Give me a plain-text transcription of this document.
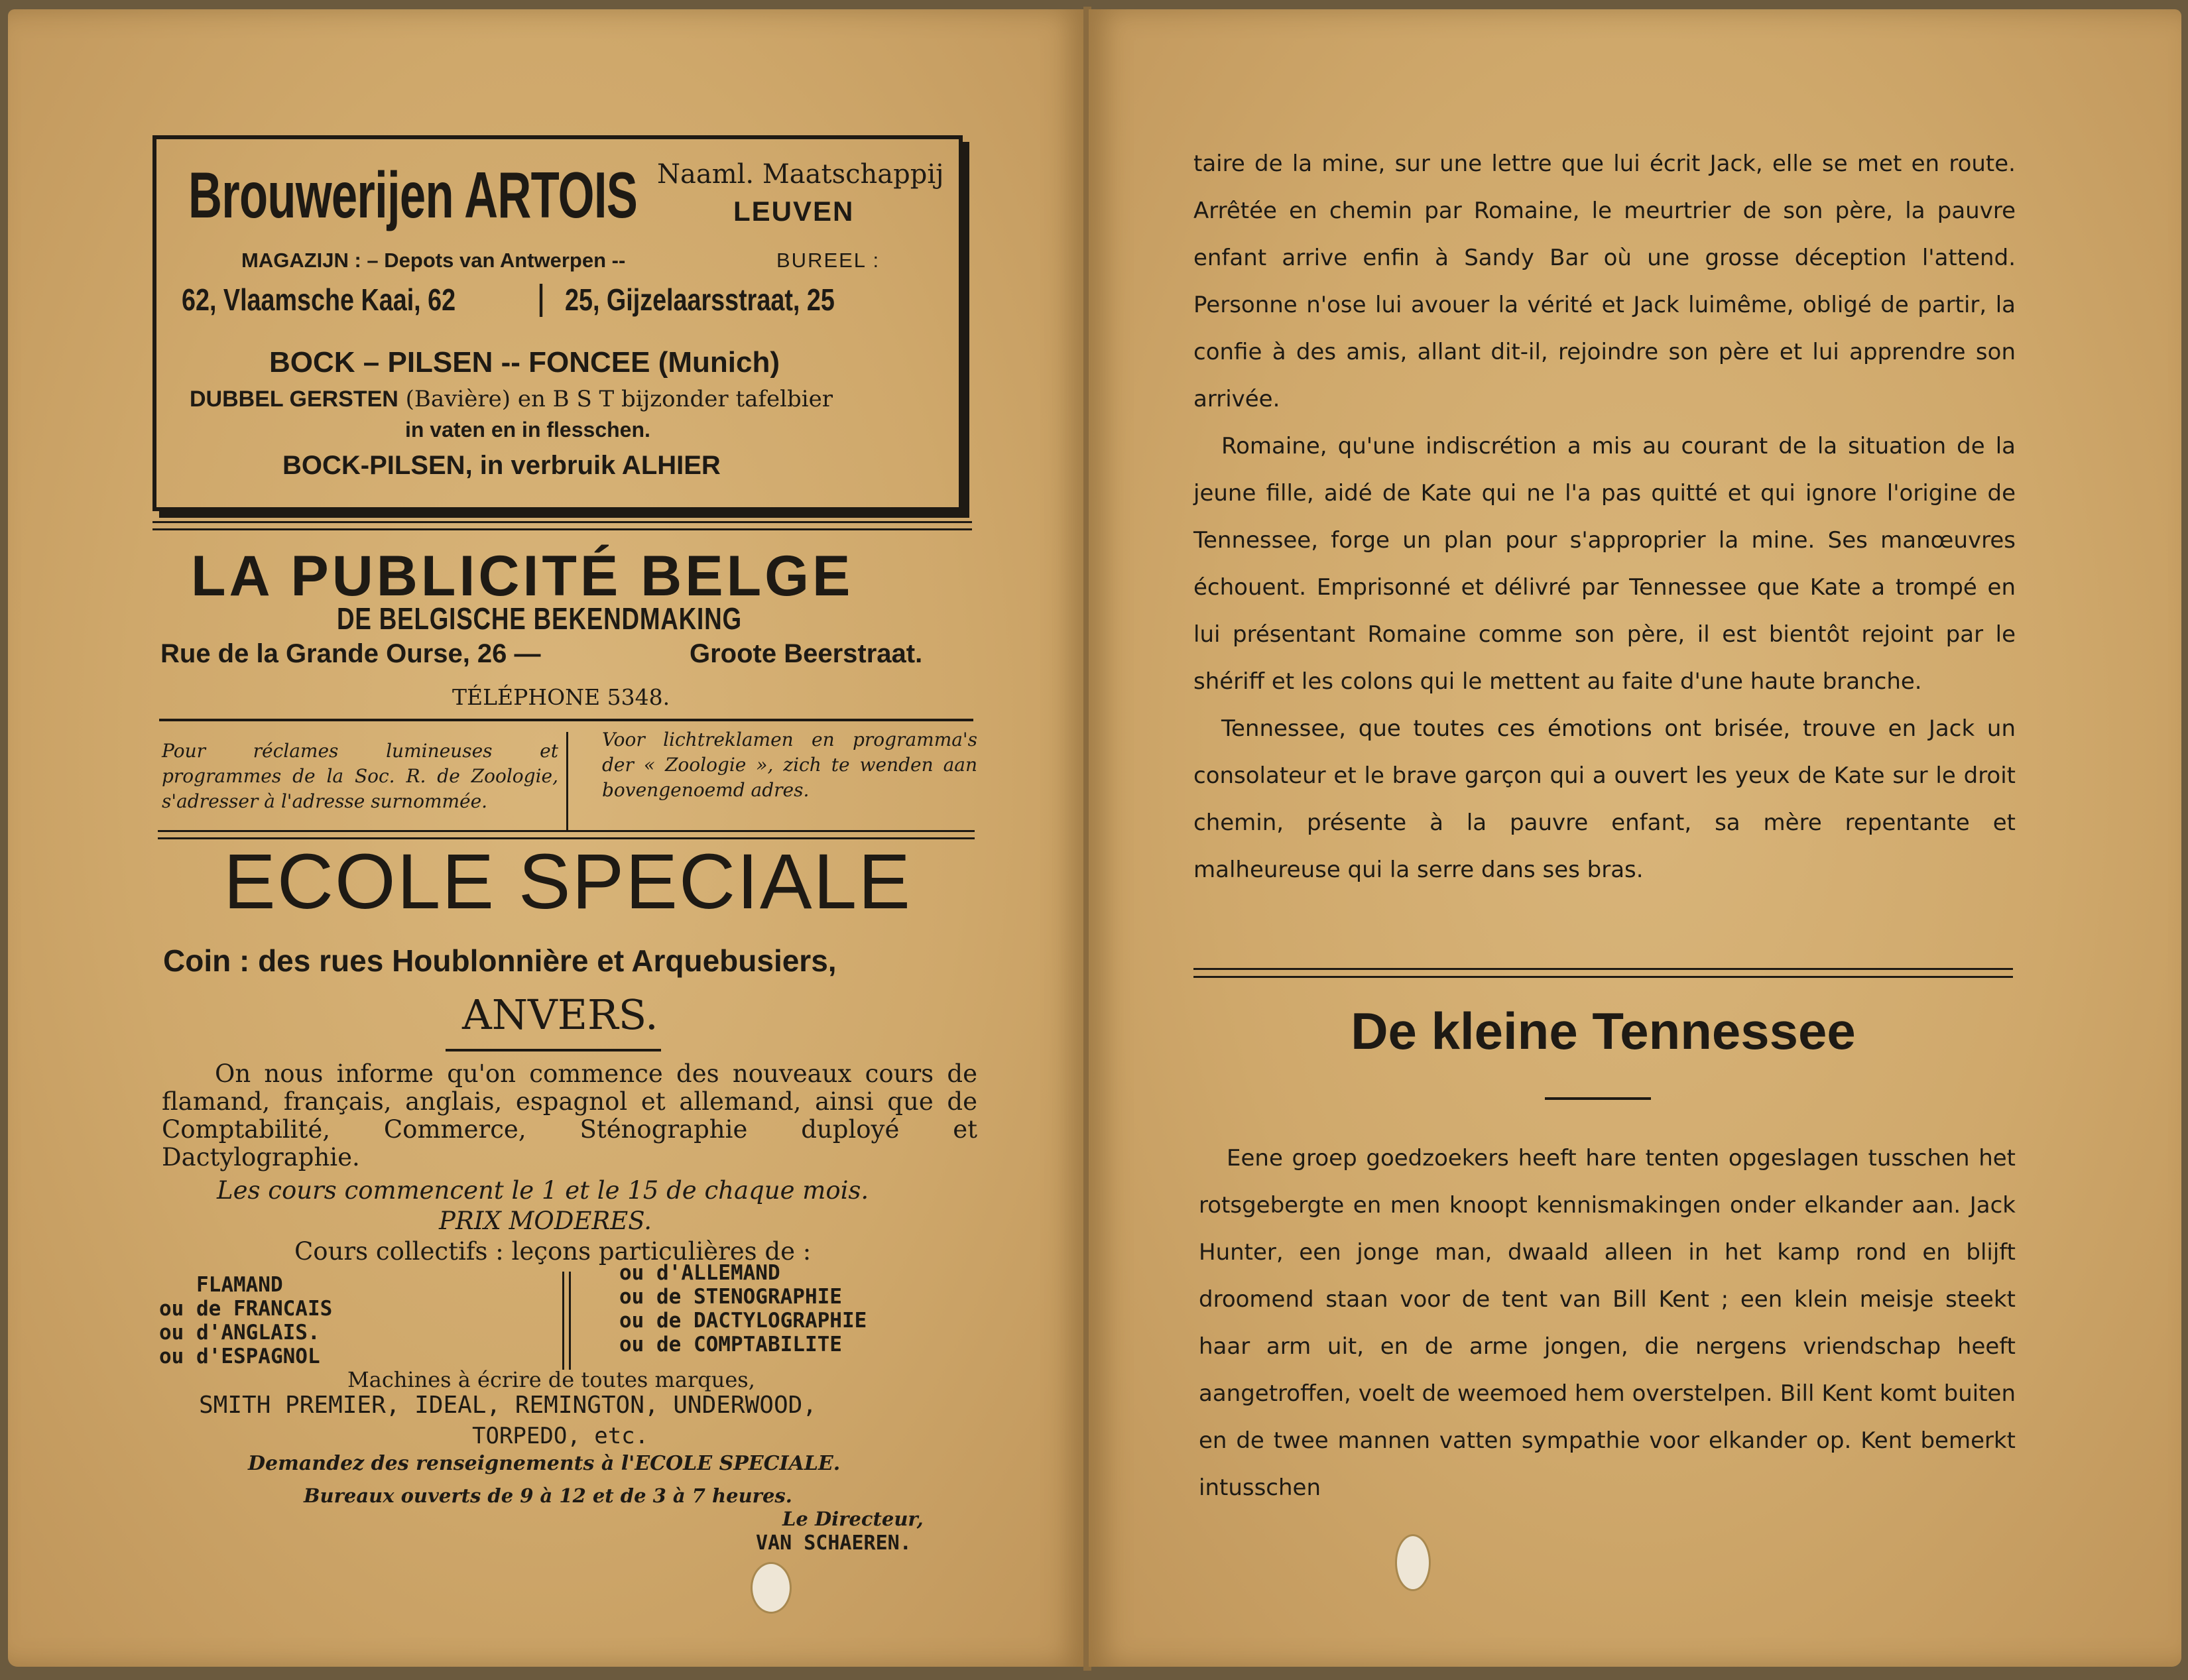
Brouwerijen ARTOIS Naaml. Maatschappij

LEUVEN

MAGAZIJN : – Depots van Antwerpen --	BUREEL :

62, Vlaamsche Kaai, 62 | 25, Gijzelaarsstraat, 25

BOCK – PILSEN -- FONCEE (Munich)

DUBBEL GERSTEN (Bavière) en B S T bijzonder tafelbier

in vaten en in flesschen.

BOCK-PILSEN, in verbruik ALHIER

LA PUBLICITÉ BELGE

DE BELGISCHE BEKENDMAKING

Rue de la Grande Ourse, 26 —	Groote Beerstraat.

TÉLÉPHONE 5348.

Pour réclames lumineuses et programmes de la Soc. R. de Zoologie, s'adresser à l'adresse surnommée.

Voor lichtreklamen en programma's der « Zoologie », zich te wenden aan bovengenoemd adres.

ECOLE SPECIALE

Coin : des rues Houblonnière et Arquebusiers,

ANVERS.

On nous informe qu'on commence des nouveaux cours de flamand, français, anglais, espagnol et allemand, ainsi que de Comptabilité, Commerce, Sténographie duployé et Dactylographie.

Les cours commencent le 1 et le 15 de chaque mois.

PRIX MODERES.

Cours collectifs : leçons particulières de :

FLAMAND
ou de FRANCAIS
ou d'ANGLAIS.
ou d'ESPAGNOL

ou d'ALLEMAND
ou de STENOGRAPHIE
ou de DACTYLOGRAPHIE
ou de COMPTABILITE

Machines à écrire de toutes marques,

SMITH PREMIER, IDEAL, REMINGTON, UNDERWOOD,

TORPEDO, etc.

Demandez des renseignements à l'ECOLE SPECIALE.

Bureaux ouverts de 9 à 12 et de 3 à 7 heures.

Le Directeur,

VAN SCHAEREN.

taire de la mine, sur une lettre que lui écrit Jack, elle se met en route. Arrêtée en chemin par Romaine, le meurtrier de son père, la pauvre enfant arrive enfin à Sandy Bar où une grosse déception l'attend. Personne n'ose lui avouer la vérité et Jack luimême, obligé de partir, la confie à des amis, allant dit-il, rejoindre son père et lui apprendre son arrivée.

Romaine, qu'une indiscrétion a mis au courant de la situation de la jeune fille, aidé de Kate qui ne l'a pas quitté et qui ignore l'origine de Tennessee, forge un plan pour s'approprier la mine. Ses manœuvres échouent. Emprisonné et délivré par Tennessee que Kate a trompé en lui présentant Romaine comme son père, il est bientôt rejoint par le shériff et les colons qui le mettent au faite d'une haute branche.

Tennessee, que toutes ces émotions ont brisée, trouve en Jack un consolateur et le brave garçon qui a ouvert les yeux de Kate sur le droit chemin, présente à la pauvre enfant, sa mère repentante et malheureuse qui la serre dans ses bras.

De kleine Tennessee

Eene groep goedzoekers heeft hare tenten opgeslagen tusschen het rotsgebergte en men knoopt kennismakingen onder elkander aan. Jack Hunter, een jonge man, dwaald alleen in het kamp rond en blijft droomend staan voor de tent van Bill Kent ; een klein meisje steekt haar arm uit, en de arme jongen, die nergens vriendschap heeft aangetroffen, voelt de weemoed hem overstelpen. Bill Kent komt buiten en de twee mannen vatten sympathie voor elkander op. Kent bemerkt intusschen
